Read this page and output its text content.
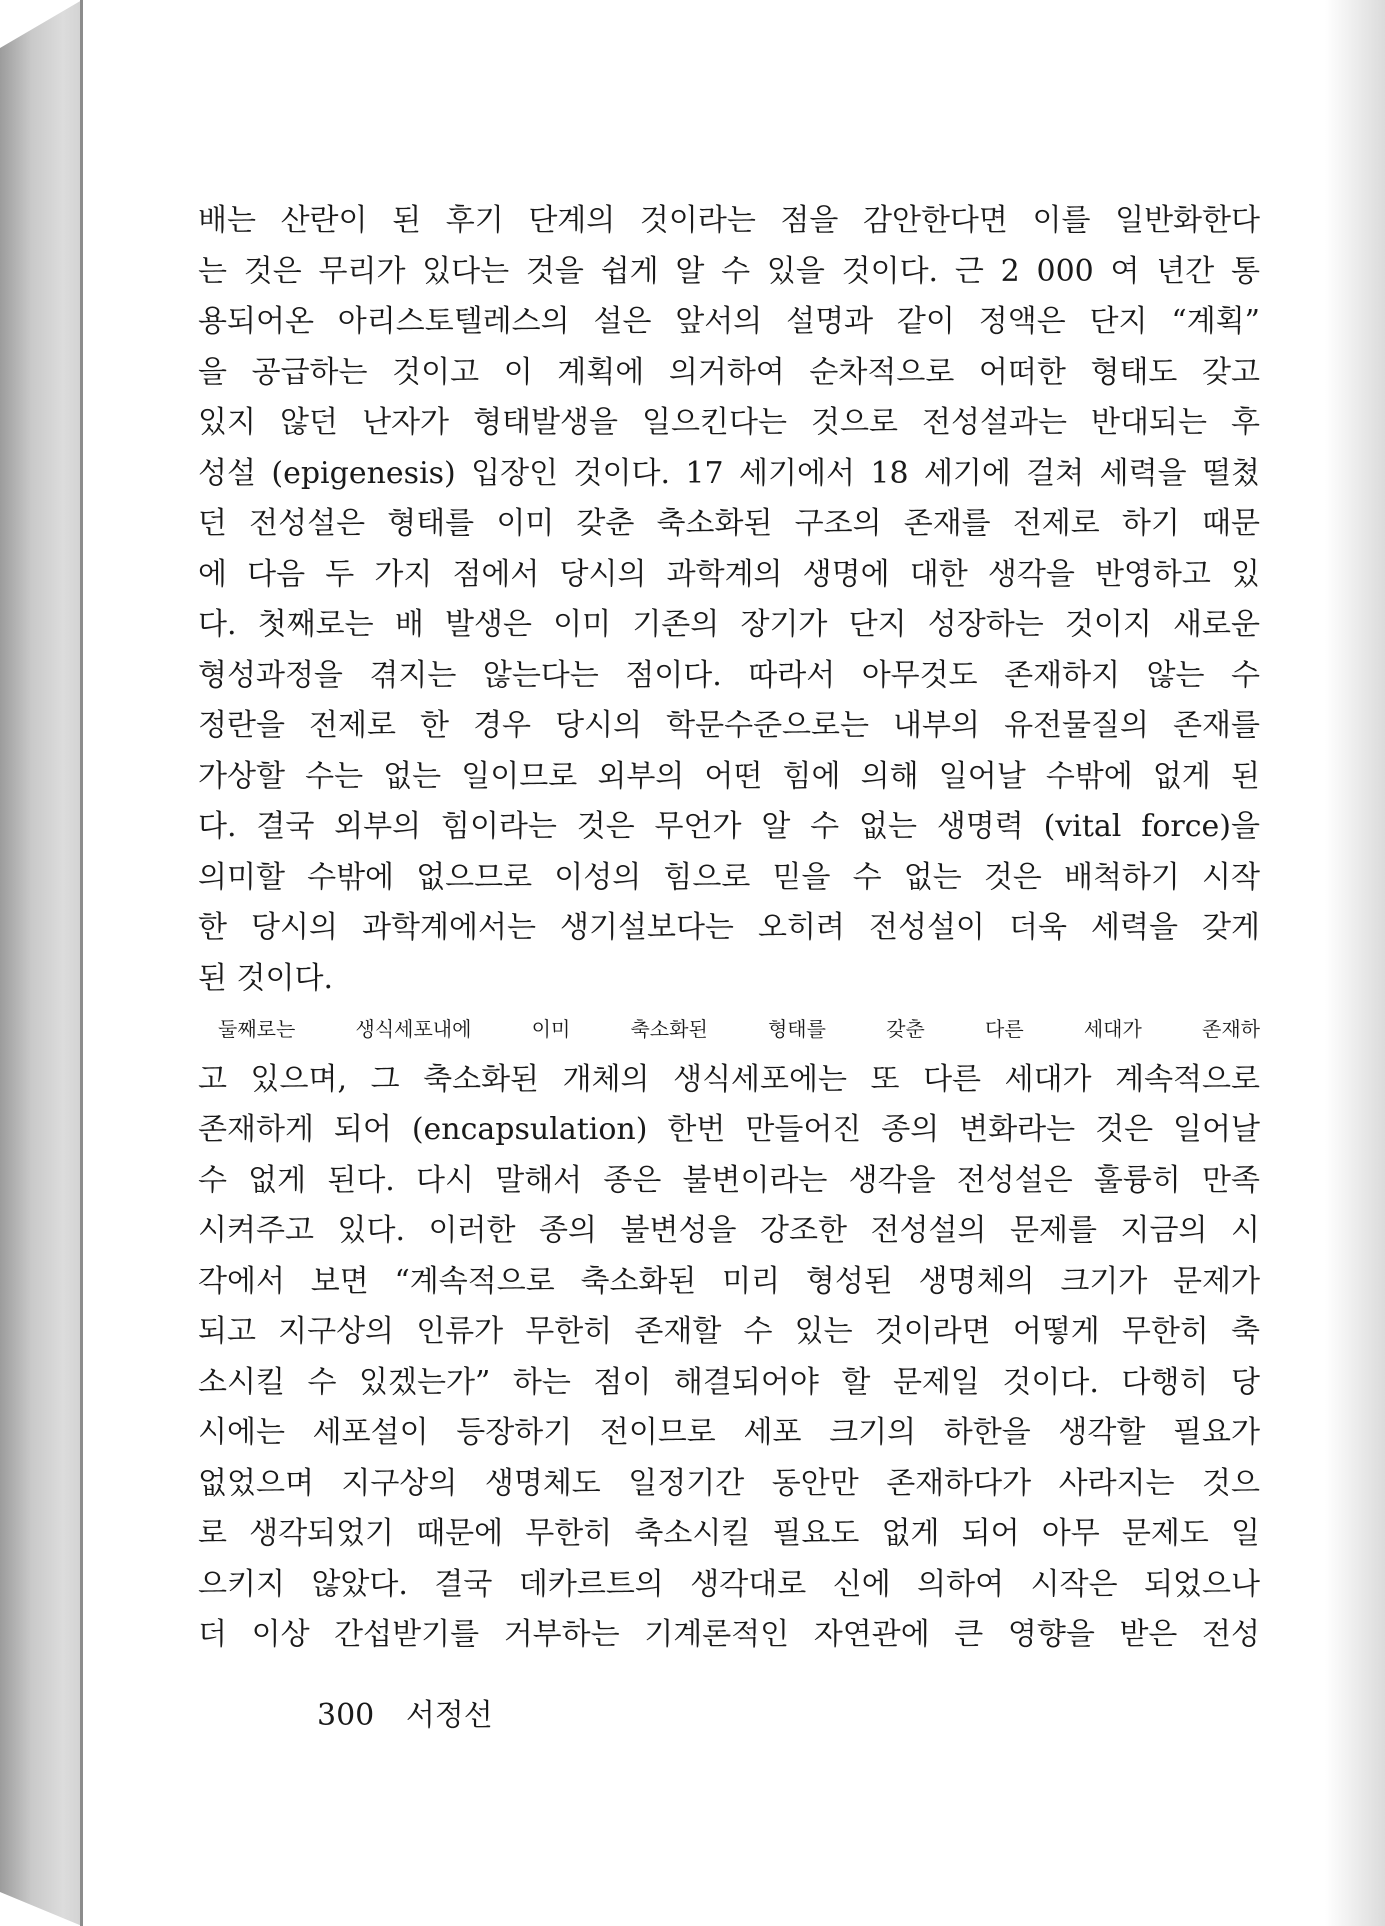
배는 산란이 된 후기 단계의 것이라는 점을 감안한다면 이를 일반화한다
는 것은 무리가 있다는 것을 쉽게 알 수 있을 것이다. 근 2 000 여 년간 통
용되어온 아리스토텔레스의 설은 앞서의 설명과 같이 정액은 단지 “계획”
을 공급하는 것이고 이 계획에 의거하여 순차적으로 어떠한 형태도 갖고
있지 않던 난자가 형태발생을 일으킨다는 것으로 전성설과는 반대되는 후
성설 (epigenesis) 입장인 것이다. 17 세기에서 18 세기에 걸쳐 세력을 떨쳤
던 전성설은 형태를 이미 갖춘 축소화된 구조의 존재를 전제로 하기 때문
에 다음 두 가지 점에서 당시의 과학계의 생명에 대한 생각을 반영하고 있
다. 첫째로는 배 발생은 이미 기존의 장기가 단지 성장하는 것이지 새로운
형성과정을 겪지는 않는다는 점이다. 따라서 아무것도 존재하지 않는 수
정란을 전제로 한 경우 당시의 학문수준으로는 내부의 유전물질의 존재를
가상할 수는 없는 일이므로 외부의 어떤 힘에 의해 일어날 수밖에 없게 된
다. 결국 외부의 힘이라는 것은 무언가 알 수 없는 생명력 (vital force)을
의미할 수밖에 없으므로 이성의 힘으로 믿을 수 없는 것은 배척하기 시작
한 당시의 과학계에서는 생기설보다는 오히려 전성설이 더욱 세력을 갖게
된 것이다.
둘째로는 생식세포내에 이미 축소화된 형태를 갖춘 다른 세대가 존재하
고 있으며, 그 축소화된 개체의 생식세포에는 또 다른 세대가 계속적으로
존재하게 되어 (encapsulation) 한번 만들어진 종의 변화라는 것은 일어날
수 없게 된다. 다시 말해서 종은 불변이라는 생각을 전성설은 훌륭히 만족
시켜주고 있다. 이러한 종의 불변성을 강조한 전성설의 문제를 지금의 시
각에서 보면 “계속적으로 축소화된 미리 형성된 생명체의 크기가 문제가
되고 지구상의 인류가 무한히 존재할 수 있는 것이라면 어떻게 무한히 축
소시킬 수 있겠는가” 하는 점이 해결되어야 할 문제일 것이다. 다행히 당
시에는 세포설이 등장하기 전이므로 세포 크기의 하한을 생각할 필요가
없었으며 지구상의 생명체도 일정기간 동안만 존재하다가 사라지는 것으
로 생각되었기 때문에 무한히 축소시킬 필요도 없게 되어 아무 문제도 일
으키지 않았다. 결국 데카르트의 생각대로 신에 의하여 시작은 되었으나
더 이상 간섭받기를 거부하는 기계론적인 자연관에 큰 영향을 받은 전성
300 서정선
